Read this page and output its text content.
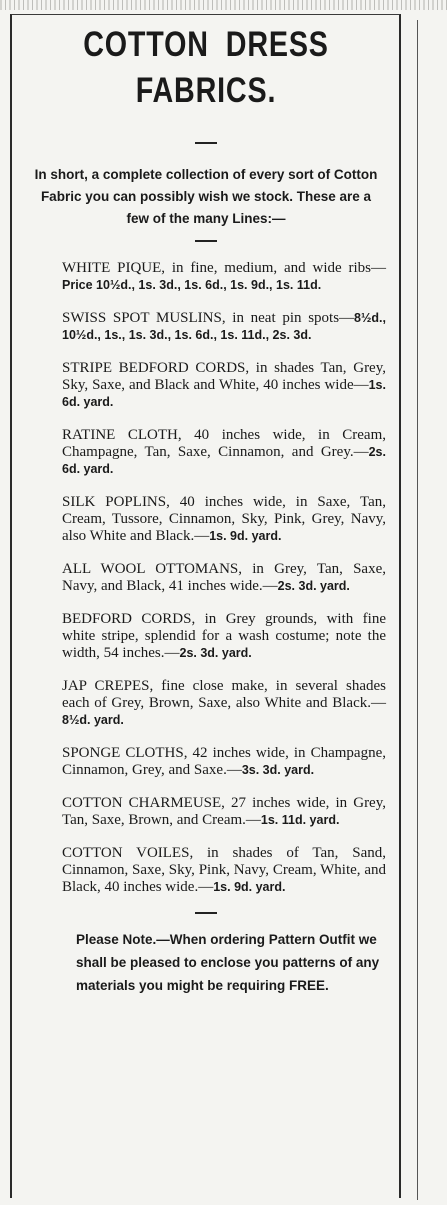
COTTON DRESS
FABRICS.

In short, a complete collection of every sort of Cotton Fabric you can possibly wish we stock. These are a few of the many Lines:—

WHITE PIQUE, in fine, medium, and wide ribs—Price 10½d., 1s. 3d., 1s. 6d., 1s. 9d., 1s. 11d.

SWISS SPOT MUSLINS, in neat pin spots—8½d., 10½d., 1s., 1s. 3d., 1s. 6d., 1s. 11d., 2s. 3d.

STRIPE BEDFORD CORDS, in shades Tan, Grey, Sky, Saxe, and Black and White, 40 inches wide—1s. 6d. yard.

RATINE CLOTH, 40 inches wide, in Cream, Champagne, Tan, Saxe, Cinnamon, and Grey.—2s. 6d. yard.

SILK POPLINS, 40 inches wide, in Saxe, Tan, Cream, Tussore, Cinnamon, Sky, Pink, Grey, Navy, also White and Black.—1s. 9d. yard.

ALL WOOL OTTOMANS, in Grey, Tan, Saxe, Navy, and Black, 41 inches wide.—2s. 3d. yard.

BEDFORD CORDS, in Grey grounds, with fine white stripe, splendid for a wash costume; note the width, 54 inches.—2s. 3d. yard.

JAP CREPES, fine close make, in several shades each of Grey, Brown, Saxe, also White and Black.—8½d. yard.

SPONGE CLOTHS, 42 inches wide, in Champagne, Cinnamon, Grey, and Saxe.—3s. 3d. yard.

COTTON CHARMEUSE, 27 inches wide, in Grey, Tan, Saxe, Brown, and Cream.—1s. 11d. yard.

COTTON VOILES, in shades of Tan, Sand, Cinnamon, Saxe, Sky, Pink, Navy, Cream, White, and Black, 40 inches wide.—1s. 9d. yard.

Please Note.—When ordering Pattern Outfit we shall be pleased to enclose you patterns of any materials you might be requiring FREE.
